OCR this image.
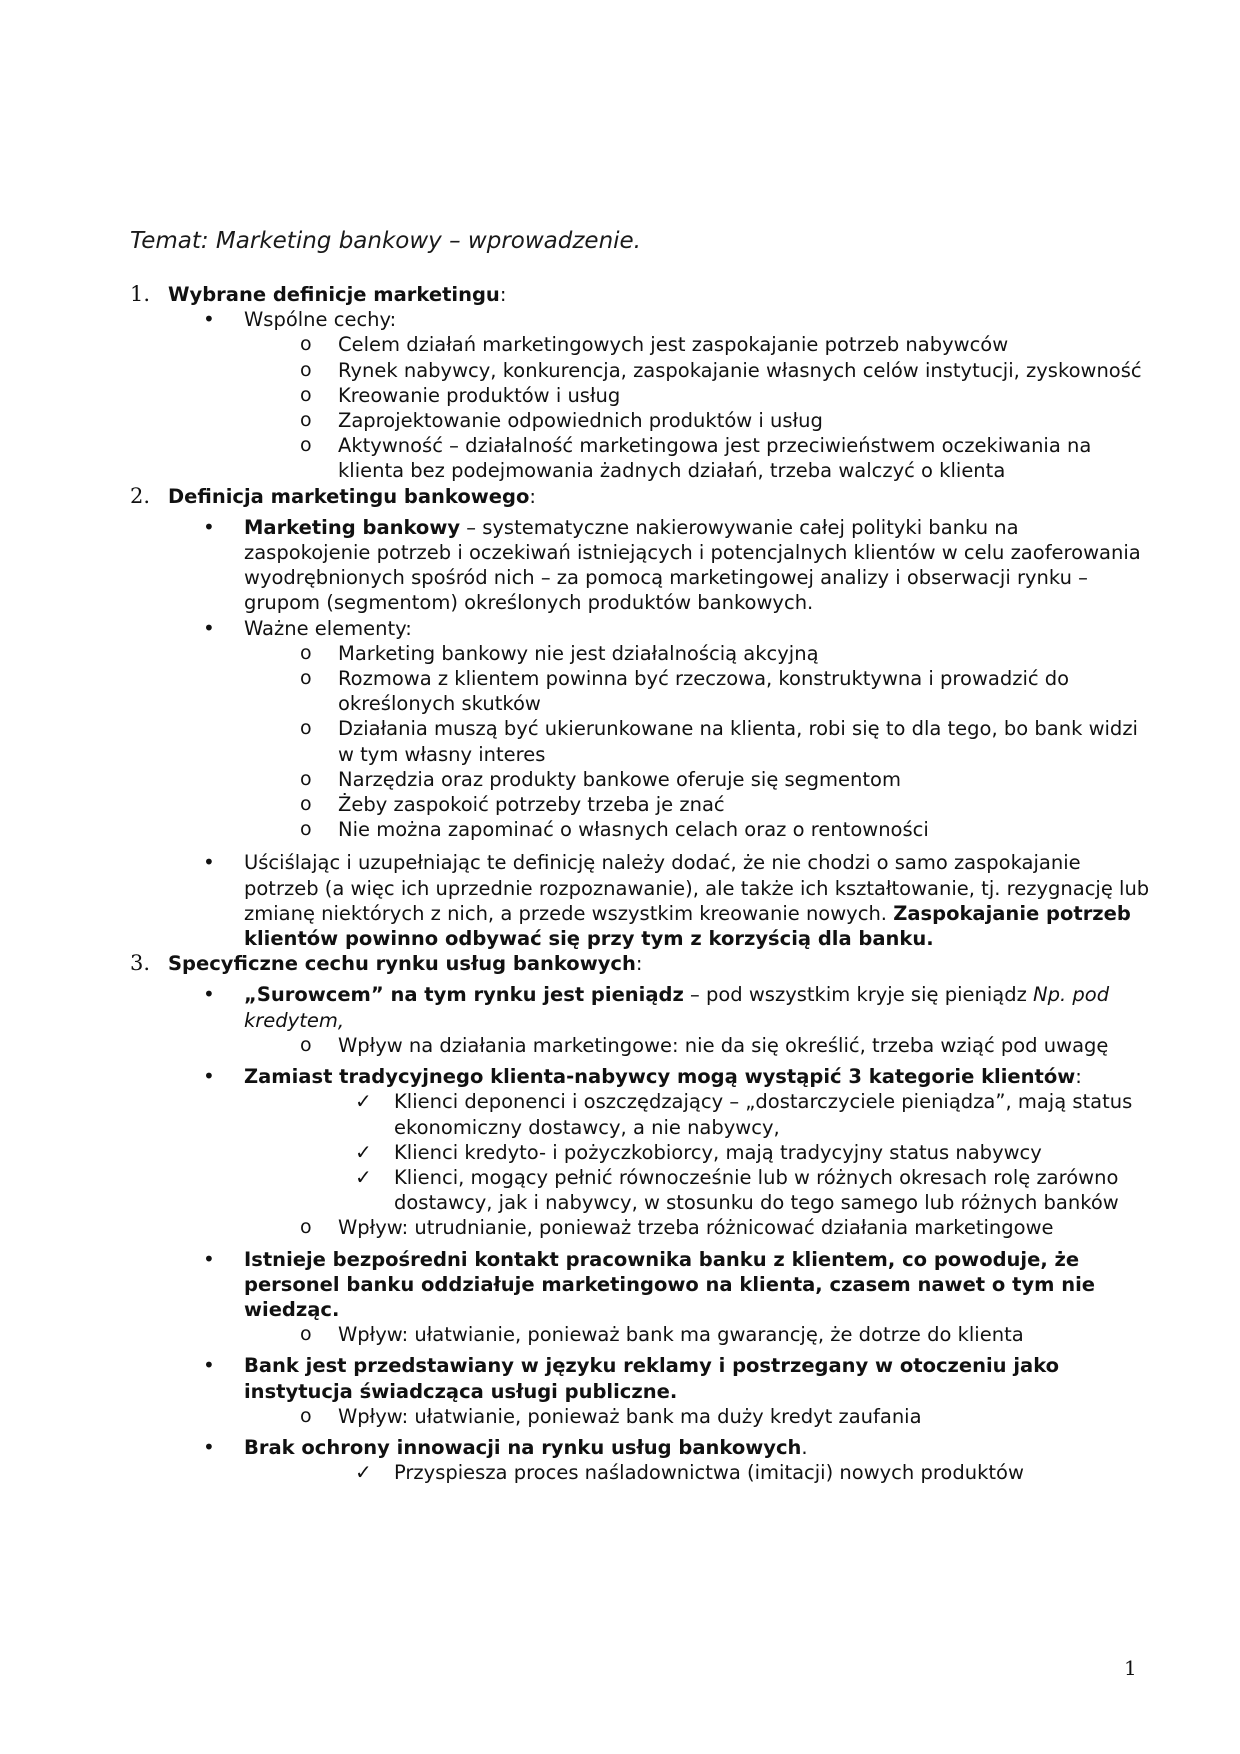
Temat: Marketing bankowy – wprowadzenie.
1. Wybrane definicje marketingu:
• Wspólne cechy:
o Celem działań marketingowych jest zaspokajanie potrzeb nabywców
o Rynek nabywcy, konkurencja, zaspokajanie własnych celów instytucji, zyskowność
o Kreowanie produktów i usług
o Zaprojektowanie odpowiednich produktów i usług
o Aktywność – działalność marketingowa jest przeciwieństwem oczekiwania na klienta bez podejmowania żadnych działań, trzeba walczyć o klienta
2. Definicja marketingu bankowego:
• Marketing bankowy – systematyczne nakierowywanie całej polityki banku na zaspokojenie potrzeb i oczekiwań istniejących i potencjalnych klientów w celu zaoferowania wyodrębnionych spośród nich – za pomocą marketingowej analizy i obserwacji rynku – grupom (segmentom) określonych produktów bankowych.
• Ważne elementy:
o Marketing bankowy nie jest działalnością akcyjną
o Rozmowa z klientem powinna być rzeczowa, konstruktywna i prowadzić do określonych skutków
o Działania muszą być ukierunkowane na klienta, robi się to dla tego, bo bank widzi w tym własny interes
o Narzędzia oraz produkty bankowe oferuje się segmentom
o Żeby zaspokoić potrzeby trzeba je znać
o Nie można zapominać o własnych celach oraz o rentowności
• Uściślając i uzupełniając te definicję należy dodać, że nie chodzi o samo zaspokajanie potrzeb (a więc ich uprzednie rozpoznawanie), ale także ich kształtowanie, tj. rezygnację lub zmianę niektórych z nich, a przede wszystkim kreowanie nowych. Zaspokajanie potrzeb klientów powinno odbywać się przy tym z korzyścią dla banku.
3. Specyficzne cechu rynku usług bankowych:
• „Surowcem” na tym rynku jest pieniądz – pod wszystkim kryje się pieniądz Np. pod kredytem,
o Wpływ na działania marketingowe: nie da się określić, trzeba wziąć pod uwagę
• Zamiast tradycyjnego klienta-nabywcy mogą wystąpić 3 kategorie klientów:
✓ Klienci deponenci i oszczędzający – „dostarczyciele pieniądza”, mają status ekonomiczny dostawcy, a nie nabywcy,
✓ Klienci kredyto- i pożyczkobiorcy, mają tradycyjny status nabywcy
✓ Klienci, mogący pełnić równocześnie lub w różnych okresach rolę zarówno dostawcy, jak i nabywcy, w stosunku do tego samego lub różnych banków
o Wpływ: utrudnianie, ponieważ trzeba różnicować działania marketingowe
• Istnieje bezpośredni kontakt pracownika banku z klientem, co powoduje, że personel banku oddziałuje marketingowo na klienta, czasem nawet o tym nie wiedząc.
o Wpływ: ułatwianie, ponieważ bank ma gwarancję, że dotrze do klienta
• Bank jest przedstawiany w języku reklamy i postrzegany w otoczeniu jako instytucja świadcząca usługi publiczne.
o Wpływ: ułatwianie, ponieważ bank ma duży kredyt zaufania
• Brak ochrony innowacji na rynku usług bankowych.
✓ Przyspiesza proces naśladownictwa (imitacji) nowych produktów
1
